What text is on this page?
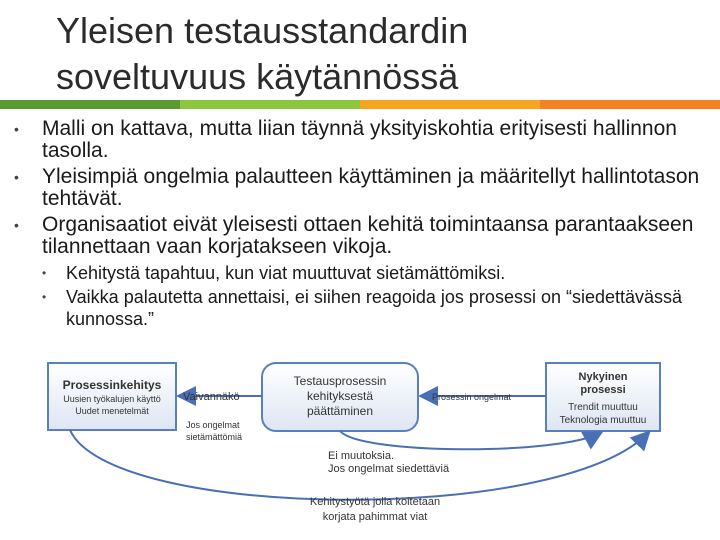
Yleisen testausstandardin
soveltuvuus käytännössä
• Malli on kattava, mutta liian täynnä yksityiskohtia erityisesti hallinnon tasolla.
• Yleisimpiä ongelmia palautteen käyttäminen ja määritellyt hallintotason tehtävät.
• Organisaatiot eivät yleisesti ottaen kehitä toimintaansa parantaakseen tilannettaan vaan korjatakseen vikoja.
• Kehitystä tapahtuu, kun viat muuttuvat sietämättömiksi.
• Vaikka palautetta annettaisi, ei siihen reagoida jos prosessi on “siedettävässä kunnossa.”
Prosessinkehitys
Uusien työkalujen käyttö
Uudet menetelmät
Testausprosessin
kehityksestä
päättäminen
Nykyinen
prosessi
Trendit muuttuu
Teknologia muuttuu
Vaivannäkö	Prosessin ongelmat
Jos ongelmat
sietämättömiä
Ei muutoksia.
Jos ongelmat siedettäviä
Kehitystyötä jolla koitetaan
korjata pahimmat viat
